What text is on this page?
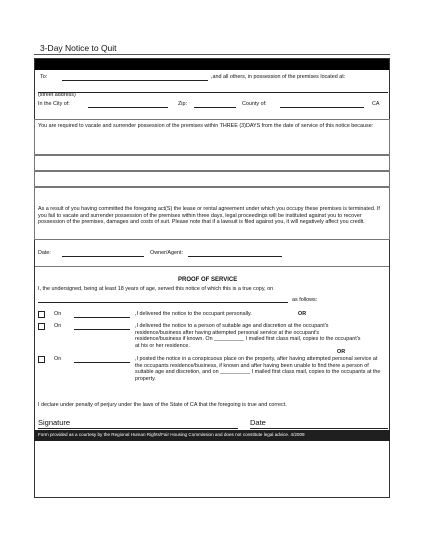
3-Day Notice to Quit
To:	,and all others, in possession of the premises located at:
(street address)
In the City of:	Zip:	County of:	CA
You are required to vacate and surrender possession of the premises within THREE (3)DAYS from the date of service of this notice because:
As a result of you having committed the foregoing act(S) the lease or rental agreement under which you occupy these premises is terminated. If you fail to vacate and surrender possession of the premises within three days, legal proceedings will be instituted against you to recover possession of the premises, damages and costs of suit. Please note that if a lawsuit is filed against you, it will negatively affect you credit.
Date:	Owner/Agent:
PROOF OF SERVICE
I, the undersigned, being at least 18 years of age, served this notice of which this is a true copy, on
as follows:
On	,I delivered the notice to the occupant personally.	OR
On	,I delivered the notice to a person of suitable age and discretion at the occupant's residence/business after having attempted personal service at the occupant's residence/business if known. On __________ I mailed first class mail, copies to the occupant's at his or her residence.
OR
On	,I posted the notice in a conspicuous place on the property, after having attempted personal service at the occupants residence/business, if known and after having been unable to find there a person of suitable age and discretion, and on __________ I mailed first class mail, copies to the occupants at the property.
I declare under penalty of perjury under the laws of the State of CA that the foregoing is true and correct.
Signature	Date
Form provided as a courtesy by the Regional Human Rights/Fair Housing Commission and does not constitute legal advice. 4/2009
